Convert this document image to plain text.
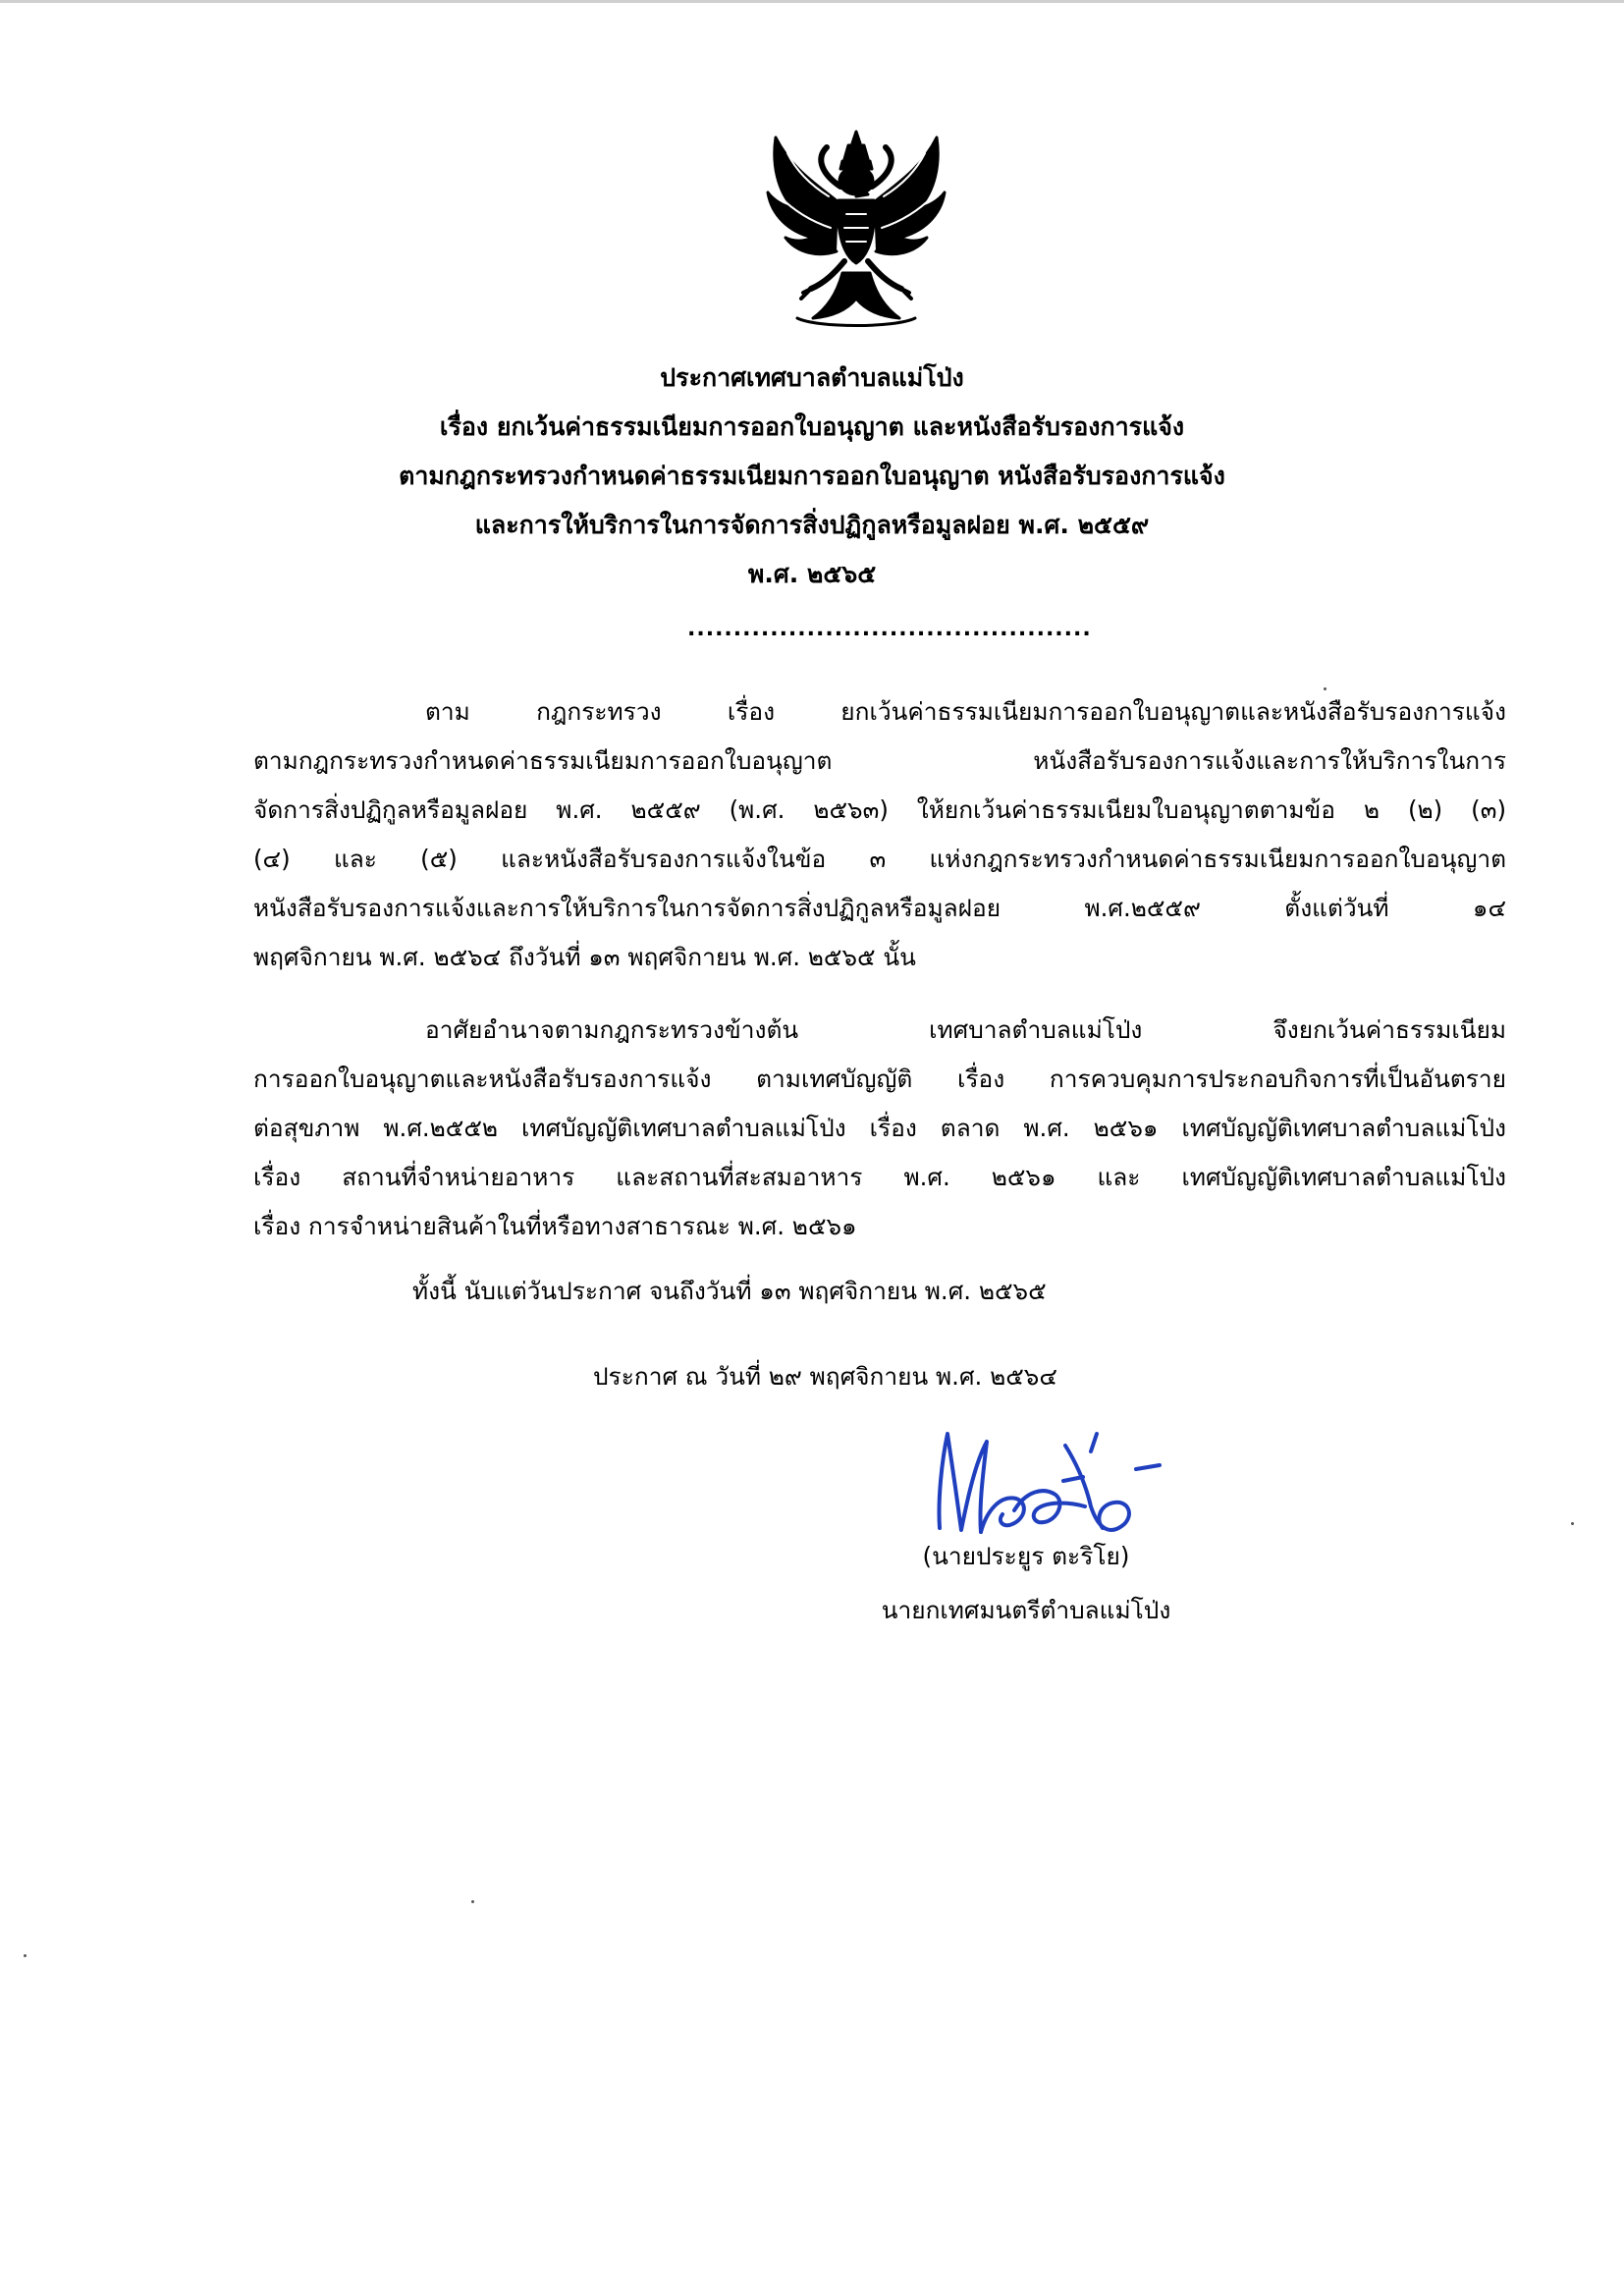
ประกาศเทศบาลตำบลแม่โป่ง
เรื่อง ยกเว้นค่าธรรมเนียมการออกใบอนุญาต และหนังสือรับรองการแจ้ง
ตามกฎกระทรวงกำหนดค่าธรรมเนียมการออกใบอนุญาต หนังสือรับรองการแจ้ง
และการให้บริการในการจัดการสิ่งปฏิกูลหรือมูลฝอย พ.ศ. ๒๕๕๙
พ.ศ. ๒๕๖๕
............................................
ตาม กฎกระทรวง เรื่อง ยกเว้นค่าธรรมเนียมการออกใบอนุญาตและหนังสือรับรองการแจ้ง
ตามกฎกระทรวงกำหนดค่าธรรมเนียมการออกใบอนุญาต หนังสือรับรองการแจ้งและการให้บริการในการ
จัดการสิ่งปฏิกูลหรือมูลฝอย พ.ศ. ๒๕๕๙ (พ.ศ. ๒๕๖๓) ให้ยกเว้นค่าธรรมเนียมใบอนุญาตตามข้อ ๒ (๒) (๓)
(๔) และ (๕) และหนังสือรับรองการแจ้งในข้อ ๓ แห่งกฎกระทรวงกำหนดค่าธรรมเนียมการออกใบอนุญาต
หนังสือรับรองการแจ้งและการให้บริการในการจัดการสิ่งปฏิกูลหรือมูลฝอย พ.ศ.๒๕๕๙ ตั้งแต่วันที่ ๑๔
พฤศจิกายน พ.ศ. ๒๕๖๔ ถึงวันที่ ๑๓ พฤศจิกายน พ.ศ. ๒๕๖๕ นั้น
อาศัยอำนาจตามกฎกระทรวงข้างต้น เทศบาลตำบลแม่โป่ง จึงยกเว้นค่าธรรมเนียม
การออกใบอนุญาตและหนังสือรับรองการแจ้ง ตามเทศบัญญัติ เรื่อง การควบคุมการประกอบกิจการที่เป็นอันตราย
ต่อสุขภาพ พ.ศ.๒๕๕๒ เทศบัญญัติเทศบาลตำบลแม่โป่ง เรื่อง ตลาด พ.ศ. ๒๕๖๑ เทศบัญญัติเทศบาลตำบลแม่โป่ง
เรื่อง สถานที่จำหน่ายอาหาร และสถานที่สะสมอาหาร พ.ศ. ๒๕๖๑ และ เทศบัญญัติเทศบาลตำบลแม่โป่ง
เรื่อง การจำหน่ายสินค้าในที่หรือทางสาธารณะ พ.ศ. ๒๕๖๑
ทั้งนี้ นับแต่วันประกาศ จนถึงวันที่ ๑๓ พฤศจิกายน พ.ศ. ๒๕๖๕
ประกาศ ณ วันที่ ๒๙ พฤศจิกายน พ.ศ. ๒๕๖๔
(นายประยูร ตะริโย)
นายกเทศมนตรีตำบลแม่โป่ง
